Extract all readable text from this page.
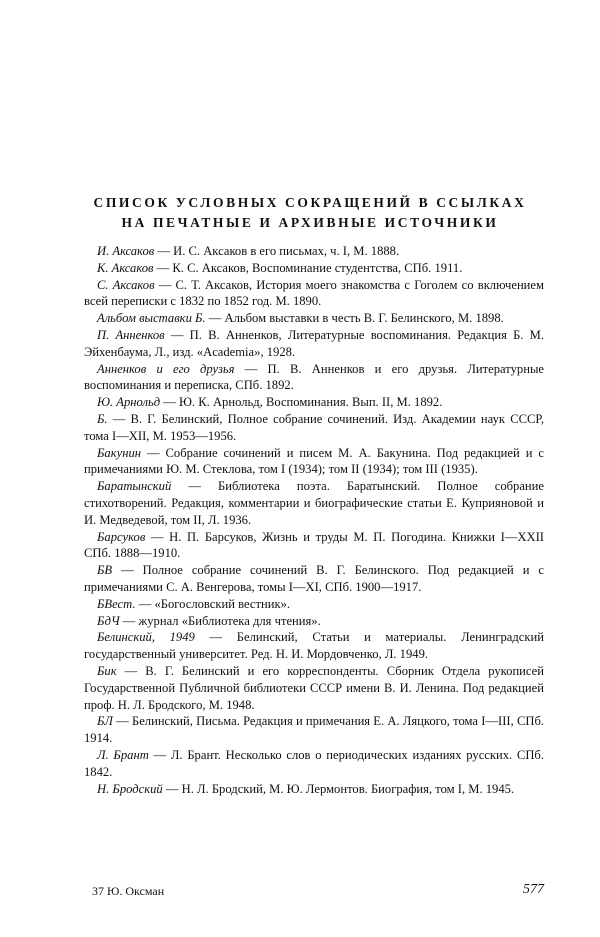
СПИСОК УСЛОВНЫХ СОКРАЩЕНИЙ В ССЫЛКАХ
НА ПЕЧАТНЫЕ И АРХИВНЫЕ ИСТОЧНИКИ

И. Аксаков — И. С. Аксаков в его письмах, ч. I, М. 1888.

К. Аксаков — К. С. Аксаков, Воспоминание студентства, СПб. 1911.

С. Аксаков — С. Т. Аксаков, История моего знакомства с Гоголем со включением всей переписки с 1832 по 1852 год. М. 1890.

Альбом выставки Б. — Альбом выставки в честь В. Г. Белинского, М. 1898.

П. Анненков — П. В. Анненков, Литературные воспоминания. Редакция Б. М. Эйхенбаума, Л., изд. «Academia», 1928.

Анненков и его друзья — П. В. Анненков и его друзья. Литературные воспоминания и переписка, СПб. 1892.

Ю. Арнольд — Ю. К. Арнольд, Воспоминания. Вып. II, М. 1892.

Б. — В. Г. Белинский, Полное собрание сочинений. Изд. Академии наук СССР, тома I—XII, М. 1953—1956.

Бакунин — Собрание сочинений и писем М. А. Бакунина. Под редакцией и с примечаниями Ю. М. Стеклова, том I (1934); том II (1934); том III (1935).

Баратынский — Библиотека поэта. Баратынский. Полное собрание стихотворений. Редакция, комментарии и биографические статьи Е. Куприяновой и И. Медведевой, том II, Л. 1936.

Барсуков — Н. П. Барсуков, Жизнь и труды М. П. Погодина. Книжки I—XXII СПб. 1888—1910.

БВ — Полное собрание сочинений В. Г. Белинского. Под редакцией и с примечаниями С. А. Венгерова, томы I—XI, СПб. 1900—1917.

БВест. — «Богословский вестник».

БдЧ — журнал «Библиотека для чтения».

Белинский, 1949 — Белинский, Статьи и материалы. Ленинградский государственный университет. Ред. Н. И. Мордовченко, Л. 1949.

Бик — В. Г. Белинский и его корреспонденты. Сборник Отдела рукописей Государственной Публичной библиотеки СССР имени В. И. Ленина. Под редакцией проф. Н. Л. Бродского, М. 1948.

БЛ — Белинский, Письма. Редакция и примечания Е. А. Ляцкого, тома I—III, СПб. 1914.

Л. Брант — Л. Брант. Несколько слов о периодических изданиях русских. СПб. 1842.

Н. Бродский — Н. Л. Бродский, М. Ю. Лермонтов. Биография, том I, М. 1945.

37 Ю. Оксман	577
